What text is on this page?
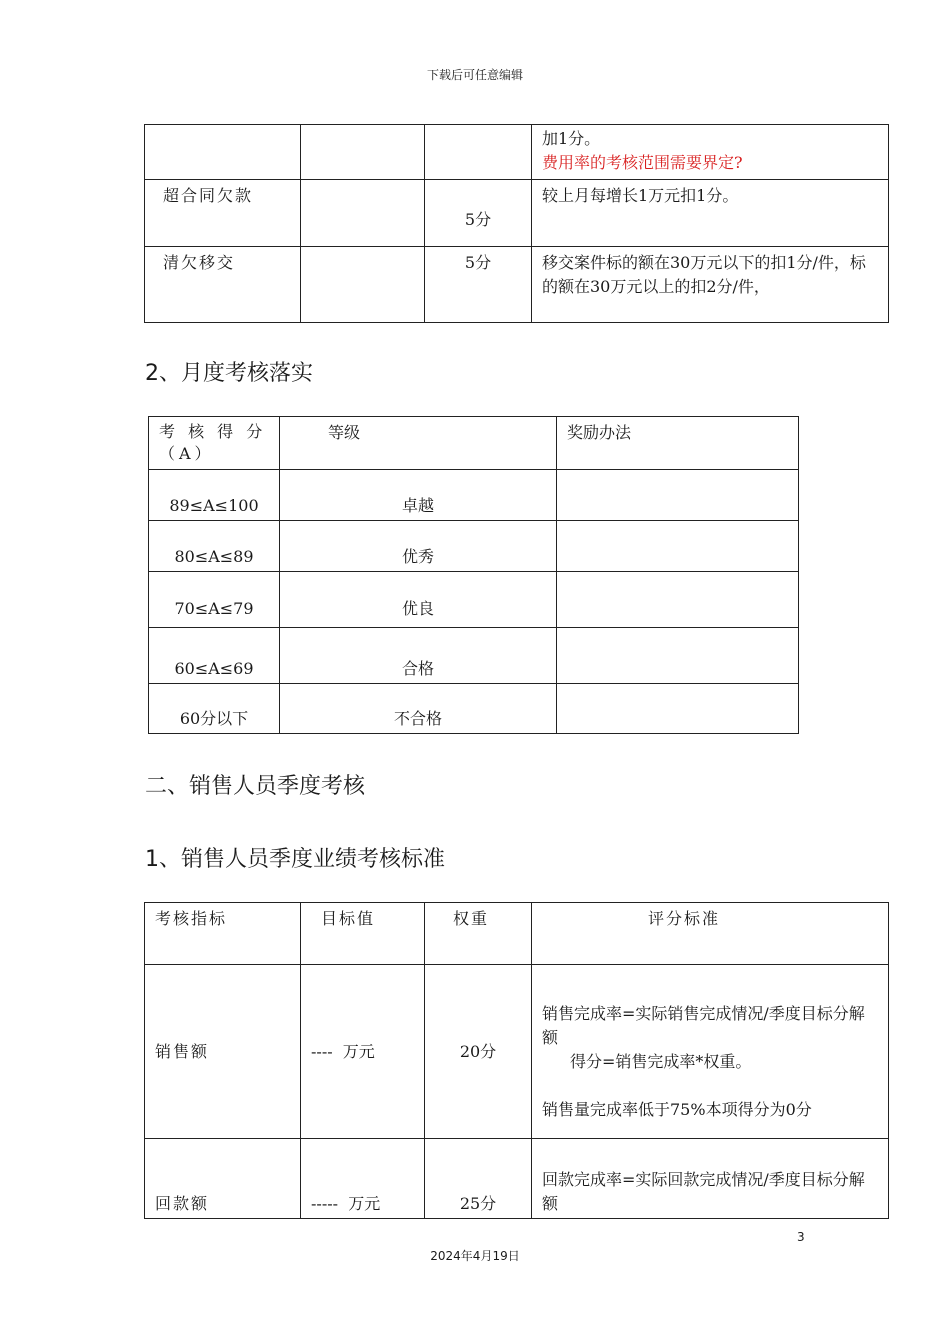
下载后可任意编辑

			加1分。
费用率的考核范围需要界定?

超合同欠款		5分	较上月每增长1万元扣1分。
清欠移交		5分	移交案件标的额在30万元以下的扣1分/件，标的额在30万元以上的扣2分/件，
2、月度考核落实
考 核 得 分（A）	等级	奖励办法
89≤A≤100	卓越	
80≤A≤89	优秀	
70≤A≤79	优良	
60≤A≤69	合格	
60分以下	不合格	
二、销售人员季度考核
1、销售人员季度业绩考核标准
考核指标	目标值	权重	评分标准
销售额	----  万元	20分	销售完成率=实际销售完成情况/季度目标分解额
得分=销售完成率*权重。
销售量完成率低于75%本项得分为0分

回款额	-----  万元	25分	回款完成率=实际回款完成情况/季度目标分解额
3
2024年4月19日
